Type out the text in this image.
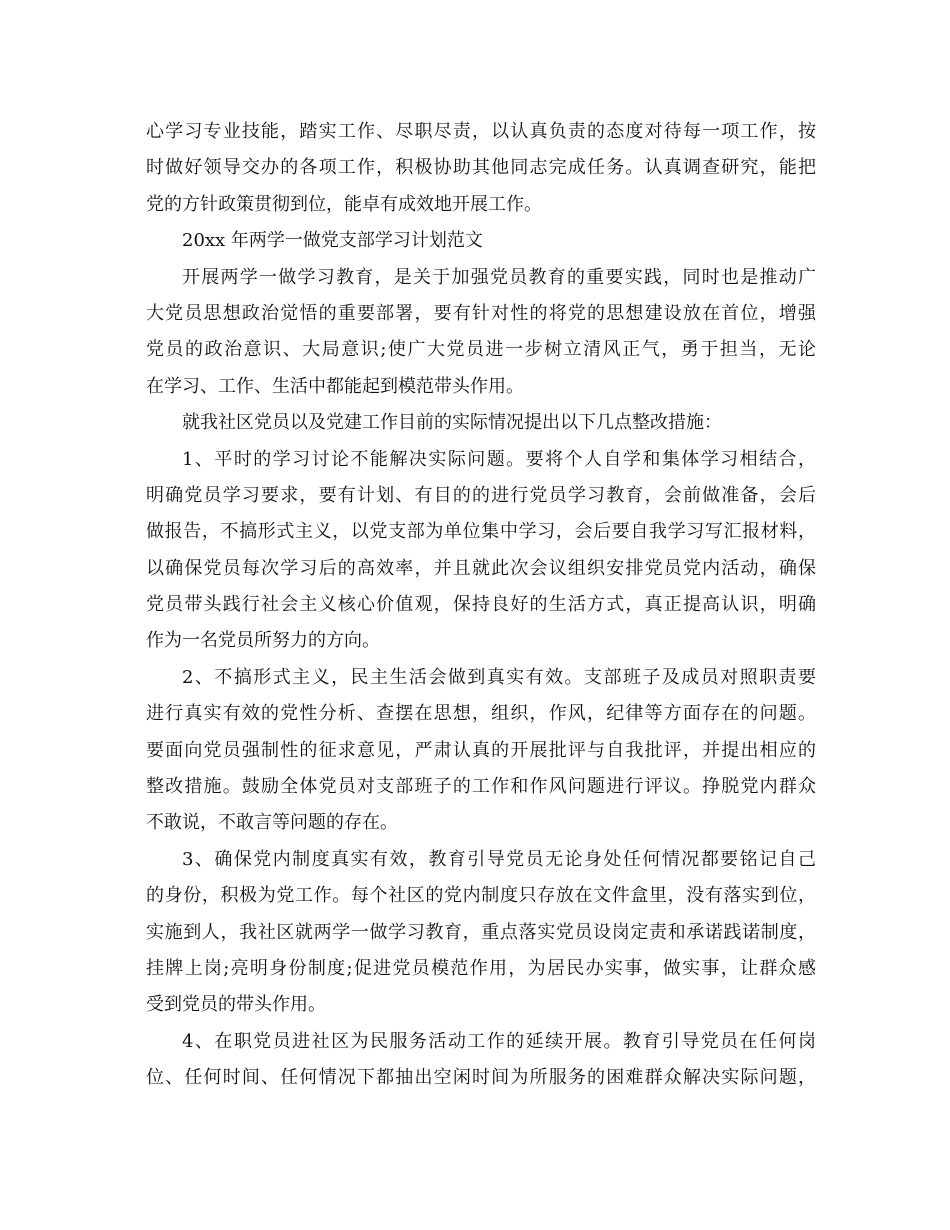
心学习专业技能，踏实工作、尽职尽责，以认真负责的态度对待每一项工作，按
时做好领导交办的各项工作，积极协助其他同志完成任务。认真调查研究，能把
党的方针政策贯彻到位，能卓有成效地开展工作。
20xx 年两学一做党支部学习计划范文
开展两学一做学习教育，是关于加强党员教育的重要实践，同时也是推动广
大党员思想政治觉悟的重要部署，要有针对性的将党的思想建设放在首位，增强
党员的政治意识、大局意识;使广大党员进一步树立清风正气，勇于担当，无论
在学习、工作、生活中都能起到模范带头作用。
就我社区党员以及党建工作目前的实际情况提出以下几点整改措施：
1、平时的学习讨论不能解决实际问题。要将个人自学和集体学习相结合，
明确党员学习要求，要有计划、有目的的进行党员学习教育，会前做准备，会后
做报告，不搞形式主义，以党支部为单位集中学习，会后要自我学习写汇报材料，
以确保党员每次学习后的高效率，并且就此次会议组织安排党员党内活动，确保
党员带头践行社会主义核心价值观，保持良好的生活方式，真正提高认识，明确
作为一名党员所努力的方向。
2、不搞形式主义，民主生活会做到真实有效。支部班子及成员对照职责要
进行真实有效的党性分析、查摆在思想，组织，作风，纪律等方面存在的问题。
要面向党员强制性的征求意见，严肃认真的开展批评与自我批评，并提出相应的
整改措施。鼓励全体党员对支部班子的工作和作风问题进行评议。挣脱党内群众
不敢说，不敢言等问题的存在。
3、确保党内制度真实有效，教育引导党员无论身处任何情况都要铭记自己
的身份，积极为党工作。每个社区的党内制度只存放在文件盒里，没有落实到位，
实施到人，我社区就两学一做学习教育，重点落实党员设岗定责和承诺践诺制度，
挂牌上岗;亮明身份制度;促进党员模范作用，为居民办实事，做实事，让群众感
受到党员的带头作用。
4、在职党员进社区为民服务活动工作的延续开展。教育引导党员在任何岗
位、任何时间、任何情况下都抽出空闲时间为所服务的困难群众解决实际问题，
